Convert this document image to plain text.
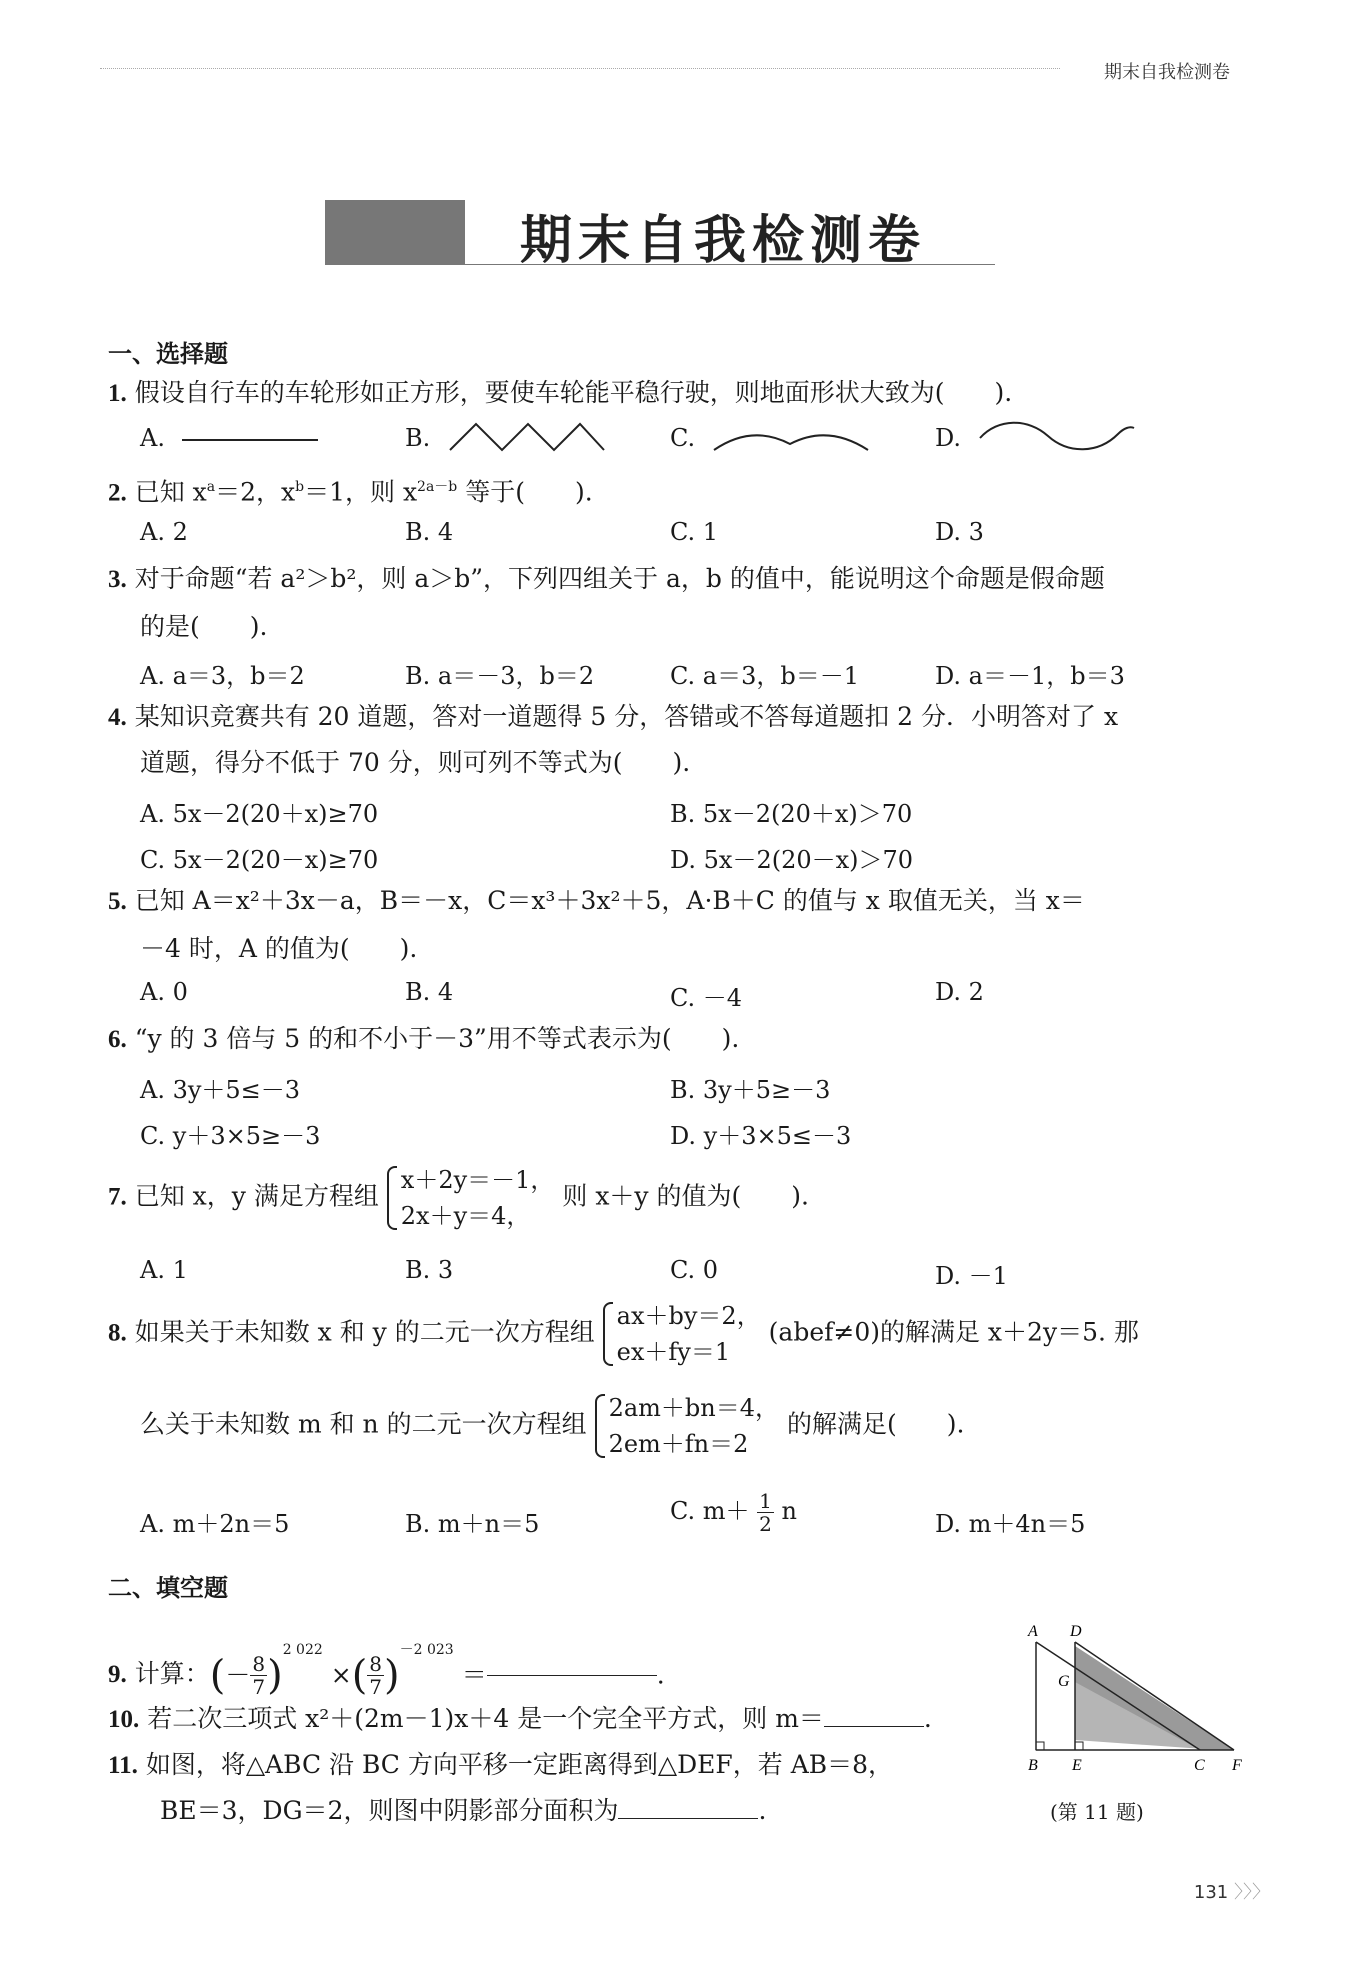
期末自我检测卷
期末自我检测卷
一、选择题
1. 假设自行车的车轮形如正方形，要使车轮能平稳行驶，则地面形状大致为(　　).
A.	B.	C.	D.
2. 已知 $x^a=2$，$x^b=1$，则 $x^{2a-b}$ 等于(　　).
A. 2	B. 4	C. 1	D. 3
3. 对于命题“若 a²＞b²，则 a＞b”，下列四组关于 a，b 的值中，能说明这个命题是假命题
的是(　　).
A. a＝3，b＝2	B. a＝－3，b＝2	C. a＝3，b＝－1	D. a＝－1，b＝3
4. 某知识竞赛共有 20 道题，答对一道题得 5 分，答错或不答每道题扣 2 分．小明答对了 x
道题，得分不低于 70 分，则可列不等式为(　　).
A. 5x－2(20＋x)≥70	B. 5x－2(20＋x)＞70
C. 5x－2(20－x)≥70	D. 5x－2(20－x)＞70
5. 已知 A＝x²＋3x－a，B＝－x，C＝x³＋3x²＋5，A·B＋C 的值与 x 取值无关，当 x＝
－4 时，A 的值为(　　).
A. 0	B. 4	C. －4	D. 2
6. “y 的 3 倍与 5 的和不小于－3”用不等式表示为(　　).
A. 3y＋5≤－3	B. 3y＋5≥－3
C. y＋3×5≥－3	D. y＋3×5≤－3
7. 已知 x，y 满足方程组
x＋2y＝－1，
2x＋y＝4，
则 x＋y 的值为(　　).
A. 1	B. 3	C. 0	D. －1
8. 如果关于未知数 x 和 y 的二元一次方程组
ax＋by＝2，
ex＋fy＝1
(abef≠0)的解满足 x＋2y＝5. 那
么关于未知数 m 和 n 的二元一次方程组
2am＋bn＝4，
2em＋fn＝2
的解满足(　　).
A. m＋2n＝5	B. m＋n＝5	C. $m+ \frac{1}{2}$ n	D. m＋4n＝5
二、填空题
9. 计算：(－ $\frac{8}{7} )^{2 022}$ ×( $\frac{8}{7} )^{-2 023}$ ＝	.
10. 若二次三项式 x²＋(2m－1)x＋4 是一个完全平方式，则 m＝	.
11. 如图，将△ABC 沿 BC 方向平移一定距离得到△DEF，若 AB＝8，
BE＝3，DG＝2，则图中阴影部分面积为	.
A D
G
B E	C F
(第 11 题)
131 〉〉〉
